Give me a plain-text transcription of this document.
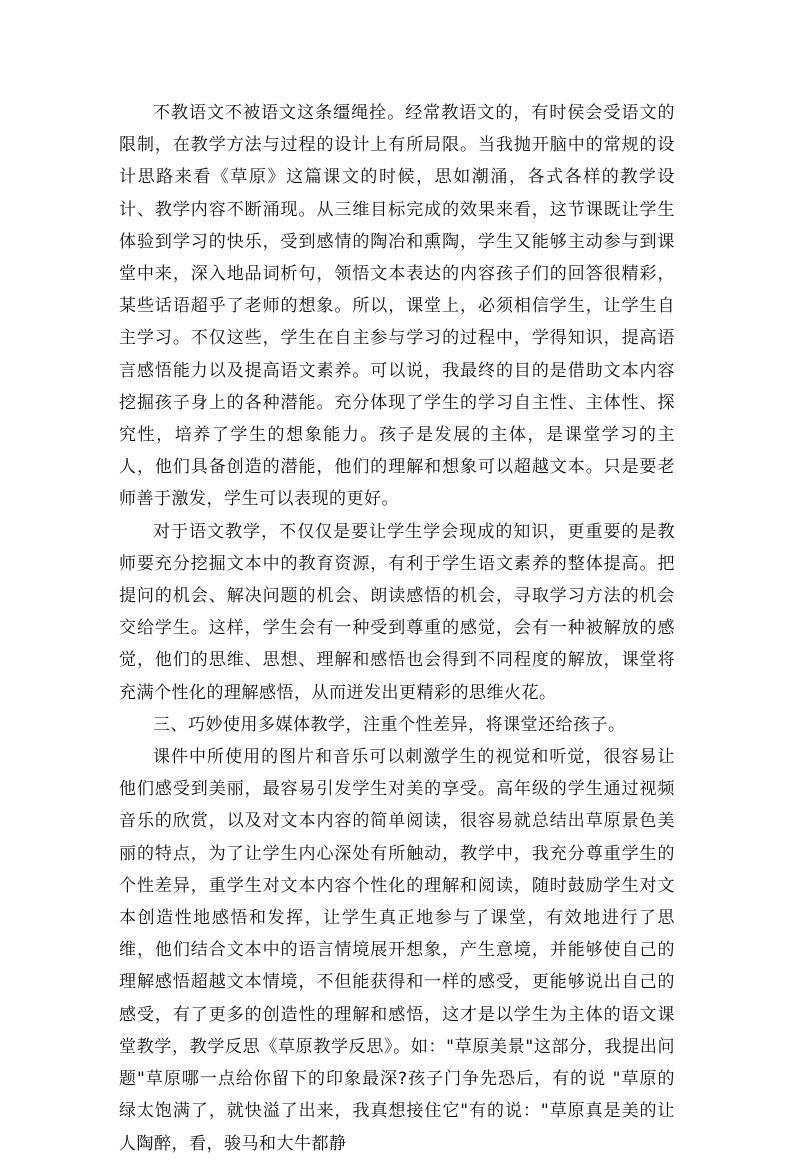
不教语文不被语文这条缰绳拴。经常教语文的，有时侯会受语文的限制，在教学方法与过程的设计上有所局限。当我抛开脑中的常规的设计思路来看《草原》这篇课文的时候，思如潮涌，各式各样的教学设计、教学内容不断涌现。从三维目标完成的效果来看，这节课既让学生体验到学习的快乐，受到感情的陶冶和熏陶，学生又能够主动参与到课堂中来，深入地品词析句，领悟文本表达的内容孩子们的回答很精彩，某些话语超乎了老师的想象。所以，课堂上，必须相信学生，让学生自主学习。不仅这些，学生在自主参与学习的过程中，学得知识，提高语言感悟能力以及提高语文素养。可以说，我最终的目的是借助文本内容挖掘孩子身上的各种潜能。充分体现了学生的学习自主性、主体性、探究性，培养了学生的想象能力。孩子是发展的主体，是课堂学习的主人，他们具备创造的潜能，他们的理解和想象可以超越文本。只是要老师善于激发，学生可以表现的更好。

对于语文教学，不仅仅是要让学生学会现成的知识，更重要的是教师要充分挖掘文本中的教育资源，有利于学生语文素养的整体提高。把提问的机会、解决问题的机会、朗读感悟的机会，寻取学习方法的机会交给学生。这样，学生会有一种受到尊重的感觉，会有一种被解放的感觉，他们的思维、思想、理解和感悟也会得到不同程度的解放，课堂将充满个性化的理解感悟，从而迸发出更精彩的思维火花。

三、巧妙使用多媒体教学，注重个性差异，将课堂还给孩子。

课件中所使用的图片和音乐可以刺激学生的视觉和听觉，很容易让他们感受到美丽，最容易引发学生对美的享受。高年级的学生通过视频音乐的欣赏，以及对文本内容的简单阅读，很容易就总结出草原景色美丽的特点，为了让学生内心深处有所触动，教学中，我充分尊重学生的个性差异，重学生对文本内容个性化的理解和阅读，随时鼓励学生对文本创造性地感悟和发挥，让学生真正地参与了课堂，有效地进行了思维，他们结合文本中的语言情境展开想象，产生意境，并能够使自己的理解感悟超越文本情境，不但能获得和一样的感受，更能够说出自己的感受，有了更多的创造性的理解和感悟，这才是以学生为主体的语文课堂教学，教学反思《草原教学反思》。如："草原美景"这部分，我提出问题"草原哪一点给你留下的印象最深?孩子门争先恐后，有的说 "草原的绿太饱满了，就快溢了出来，我真想接住它"有的说："草原真是美的让人陶醉，看，骏马和大牛都静
